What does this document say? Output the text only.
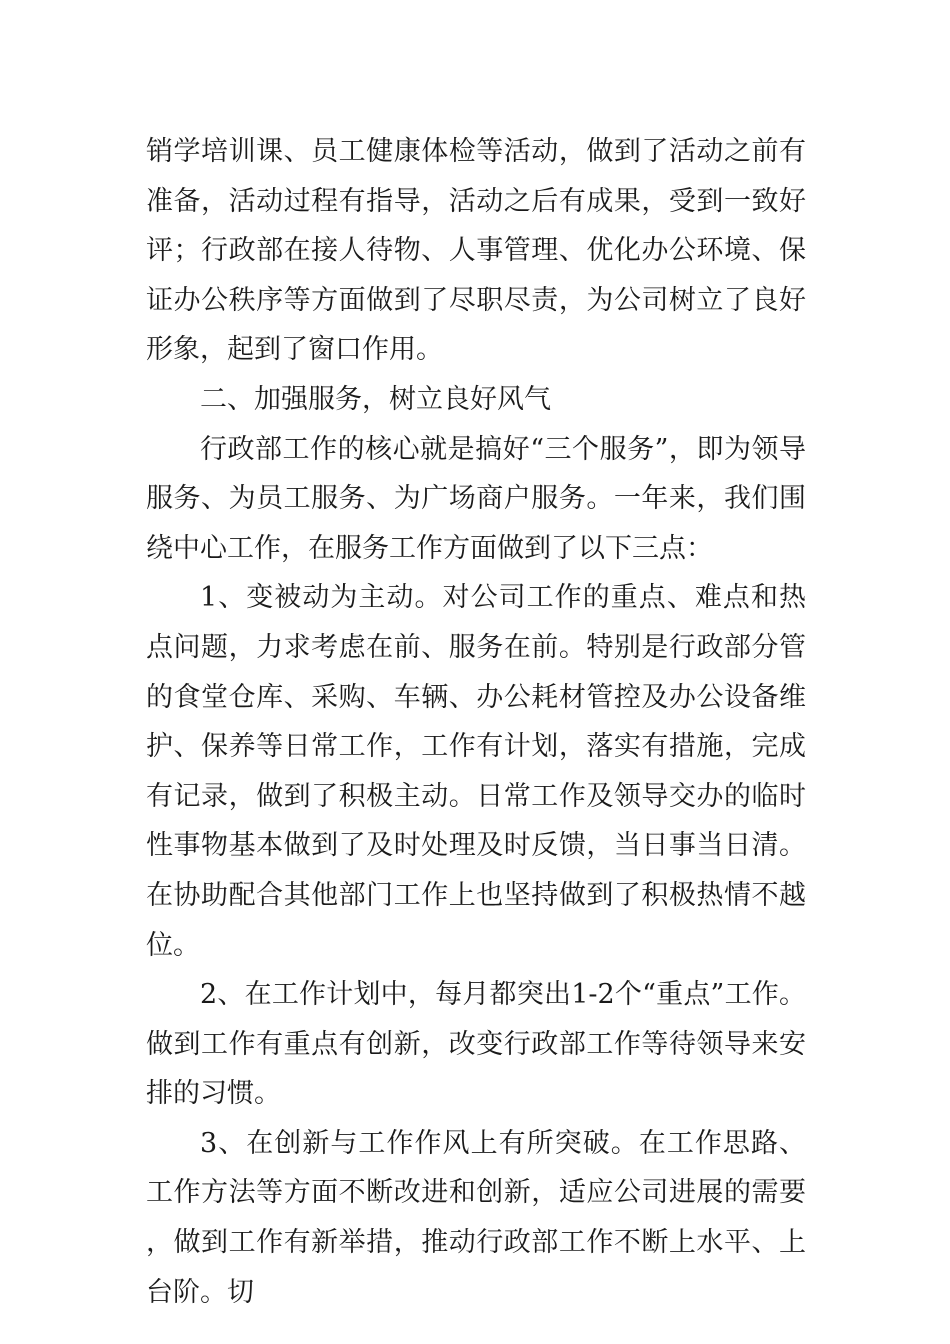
销学培训课、员工健康体检等活动，做到了活动之前有准备，活动过程有指导，活动之后有成果，受到一致好评；行政部在接人待物、人事管理、优化办公环境、保证办公秩序等方面做到了尽职尽责，为公司树立了良好形象，起到了窗口作用。

二、加强服务，树立良好风气

行政部工作的核心就是搞好“三个服务”，即为领导服务、为员工服务、为广场商户服务。一年来，我们围绕中心工作，在服务工作方面做到了以下三点：

1、变被动为主动。对公司工作的重点、难点和热点问题，力求考虑在前、服务在前。特别是行政部分管的食堂仓库、采购、车辆、办公耗材管控及办公设备维护、保养等日常工作，工作有计划，落实有措施，完成有记录，做到了积极主动。日常工作及领导交办的临时性事物基本做到了及时处理及时反馈，当日事当日清。在协助配合其他部门工作上也坚持做到了积极热情不越位。

2、在工作计划中，每月都突出1-2个“重点”工作。做到工作有重点有创新，改变行政部工作等待领导来安排的习惯。

3、在创新与工作作风上有所突破。在工作思路、工作方法等方面不断改进和创新，适应公司进展的需要，做到工作有新举措，推动行政部工作不断上水平、上台阶。切
